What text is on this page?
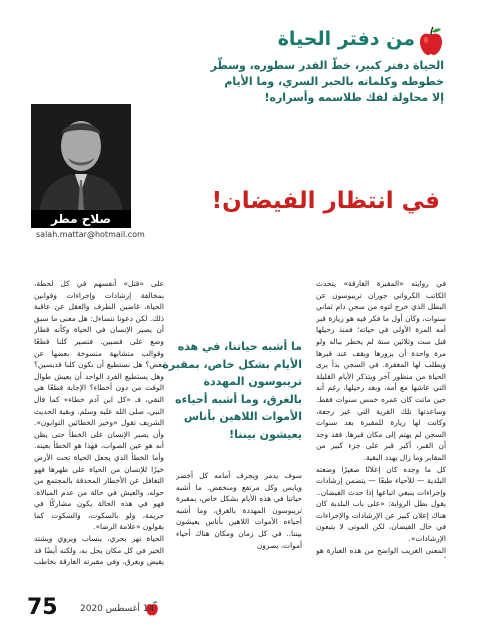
من دفتر الحياة
الحياة دفتر كبير، خطّ القدر سطوره، وسطّر
خطوطه وكلماته بالحبر السري، وما الأيام
إلا محاولة لفك طلاسمه وأسراره!
صلاح مطر
salah.mattar@hotmail.com
في انتظار الفيضان!

في روايته «المقبرة الغارقة» يتحدث الكاتب الكرواتي جوران تريبوسون عن البطل الذي خرج لتوه من سجن دام ثماني سنوات، وكان أول ما فكر فيه هو زيارة قبر أمه المرة الأولى في حياته؛ فمنذ رحيلها قبل ست وثلاثين سنة لم يخطر بباله ولو مرة واحدة أن يزورها ويقف عند قبرها ويطلب لها المغفرة. في السجن بدأ يرى الحياة من منظور آخر ويتذكر الأيام القليلة التي عاشها مع أمه، وبعد رحيلها، رغم أنه حين ماتت كان عمره خمس سنوات فقط. وساعدتها تلك القرية التي غير رجعة، وكانت لها زيارة للمقبرة بعد سنوات السجن لم يهتم إلى مكان قبرها. فقد وجد أن القبر، أكبر قبر على جزء كبير من المقابر وما زال يهدد البقية.

كل ما وجده كان إعلانًا صغيرًا وضعته البلدية — للأحياء طبعًا — يتضمن إرشادات وإجراءات ينبغي اتباعها إذا حدث الفيضان.. يقول بطل الرواية: «على باب البلدية كان هناك إعلان كبير عن الإرشادات والإجراءات في حال الفيضان، لكن الموتى لا يتبعون الإرشادات».

المعنى الغريب الواضح من هذه العبارة هو

ما أشبه حياتنا، في هذه
الأيام بشكل خاص، بمقبرة
تريبوسون المهددة
بالغرق، وما أشبه أحياءه
الأموات اللاهين بأناس
يعيشون بيننا!

سوف يدمر ويجرف أمامه كل أخضر ويابس وكل مرتفع ومنخفض. ما أشبه حياتنا في هذه الأيام بشكل خاص، بمقبرة تريبوسون المهددة بالغرق، وما أشبه أحياءه الأموات اللاهين بأناس يعيشون بيننا.. في كل زمان ومكان هناك أحياء أموات، يصرون

على «قتل» أنفسهم في كل لحظة، بمخالفة إرشادات وإجراءات وقوانين الحياة، غاضين الطرف والعقل عن عاقبة ذلك. لكن دعونا نتساءل: هل معنى ما سبق أن يصير الإنسان في الحياة وكأنه قطار وضع على قضبين. فتصير كلنا قطعًا وقوالب متشابهة منسوخة بعضها عن بعض؟ هل نستطيع أن نكون كلنا قديسين؟ وهل يستطيع الفرد الواحد أن يعيش طوال الوقت من دون أخطاء؟ الإجابة قطعًا هي النفي، فـ «كل ابن آدم خطاء» كما قال النبي، صلى الله عليه وسلم. وبقية الحديث الشريف تقول «وخير الخطائين التوابون». وأن يصبر الإنسان على الخطأ حتى يظن أنه هو عين الصواب، فهذا هو الخطأ بعينه. وأما الخطأ الذي يجعل الحياة تحت الأرض خيرًا للإنسان من الحياة على ظهرها فهو التغافل عن الأخطار المحدقة بالمجتمع من حوله، والعيش في حالة من عدم المبالاة. فهو في هذه الحالة يكون مشاركًا في جريمة، ولو بالسكوت، والسكوت كما يقولون «علامة الرضا».

الحياة نهر يجري، ينساب ويروي ويشتد الخير في كل مكان يحل به، ولكنه أيضًا قد يفيض ويغرق، وفي مقبرته الغارقة بخاطب

75 14 أغسطس 2020
